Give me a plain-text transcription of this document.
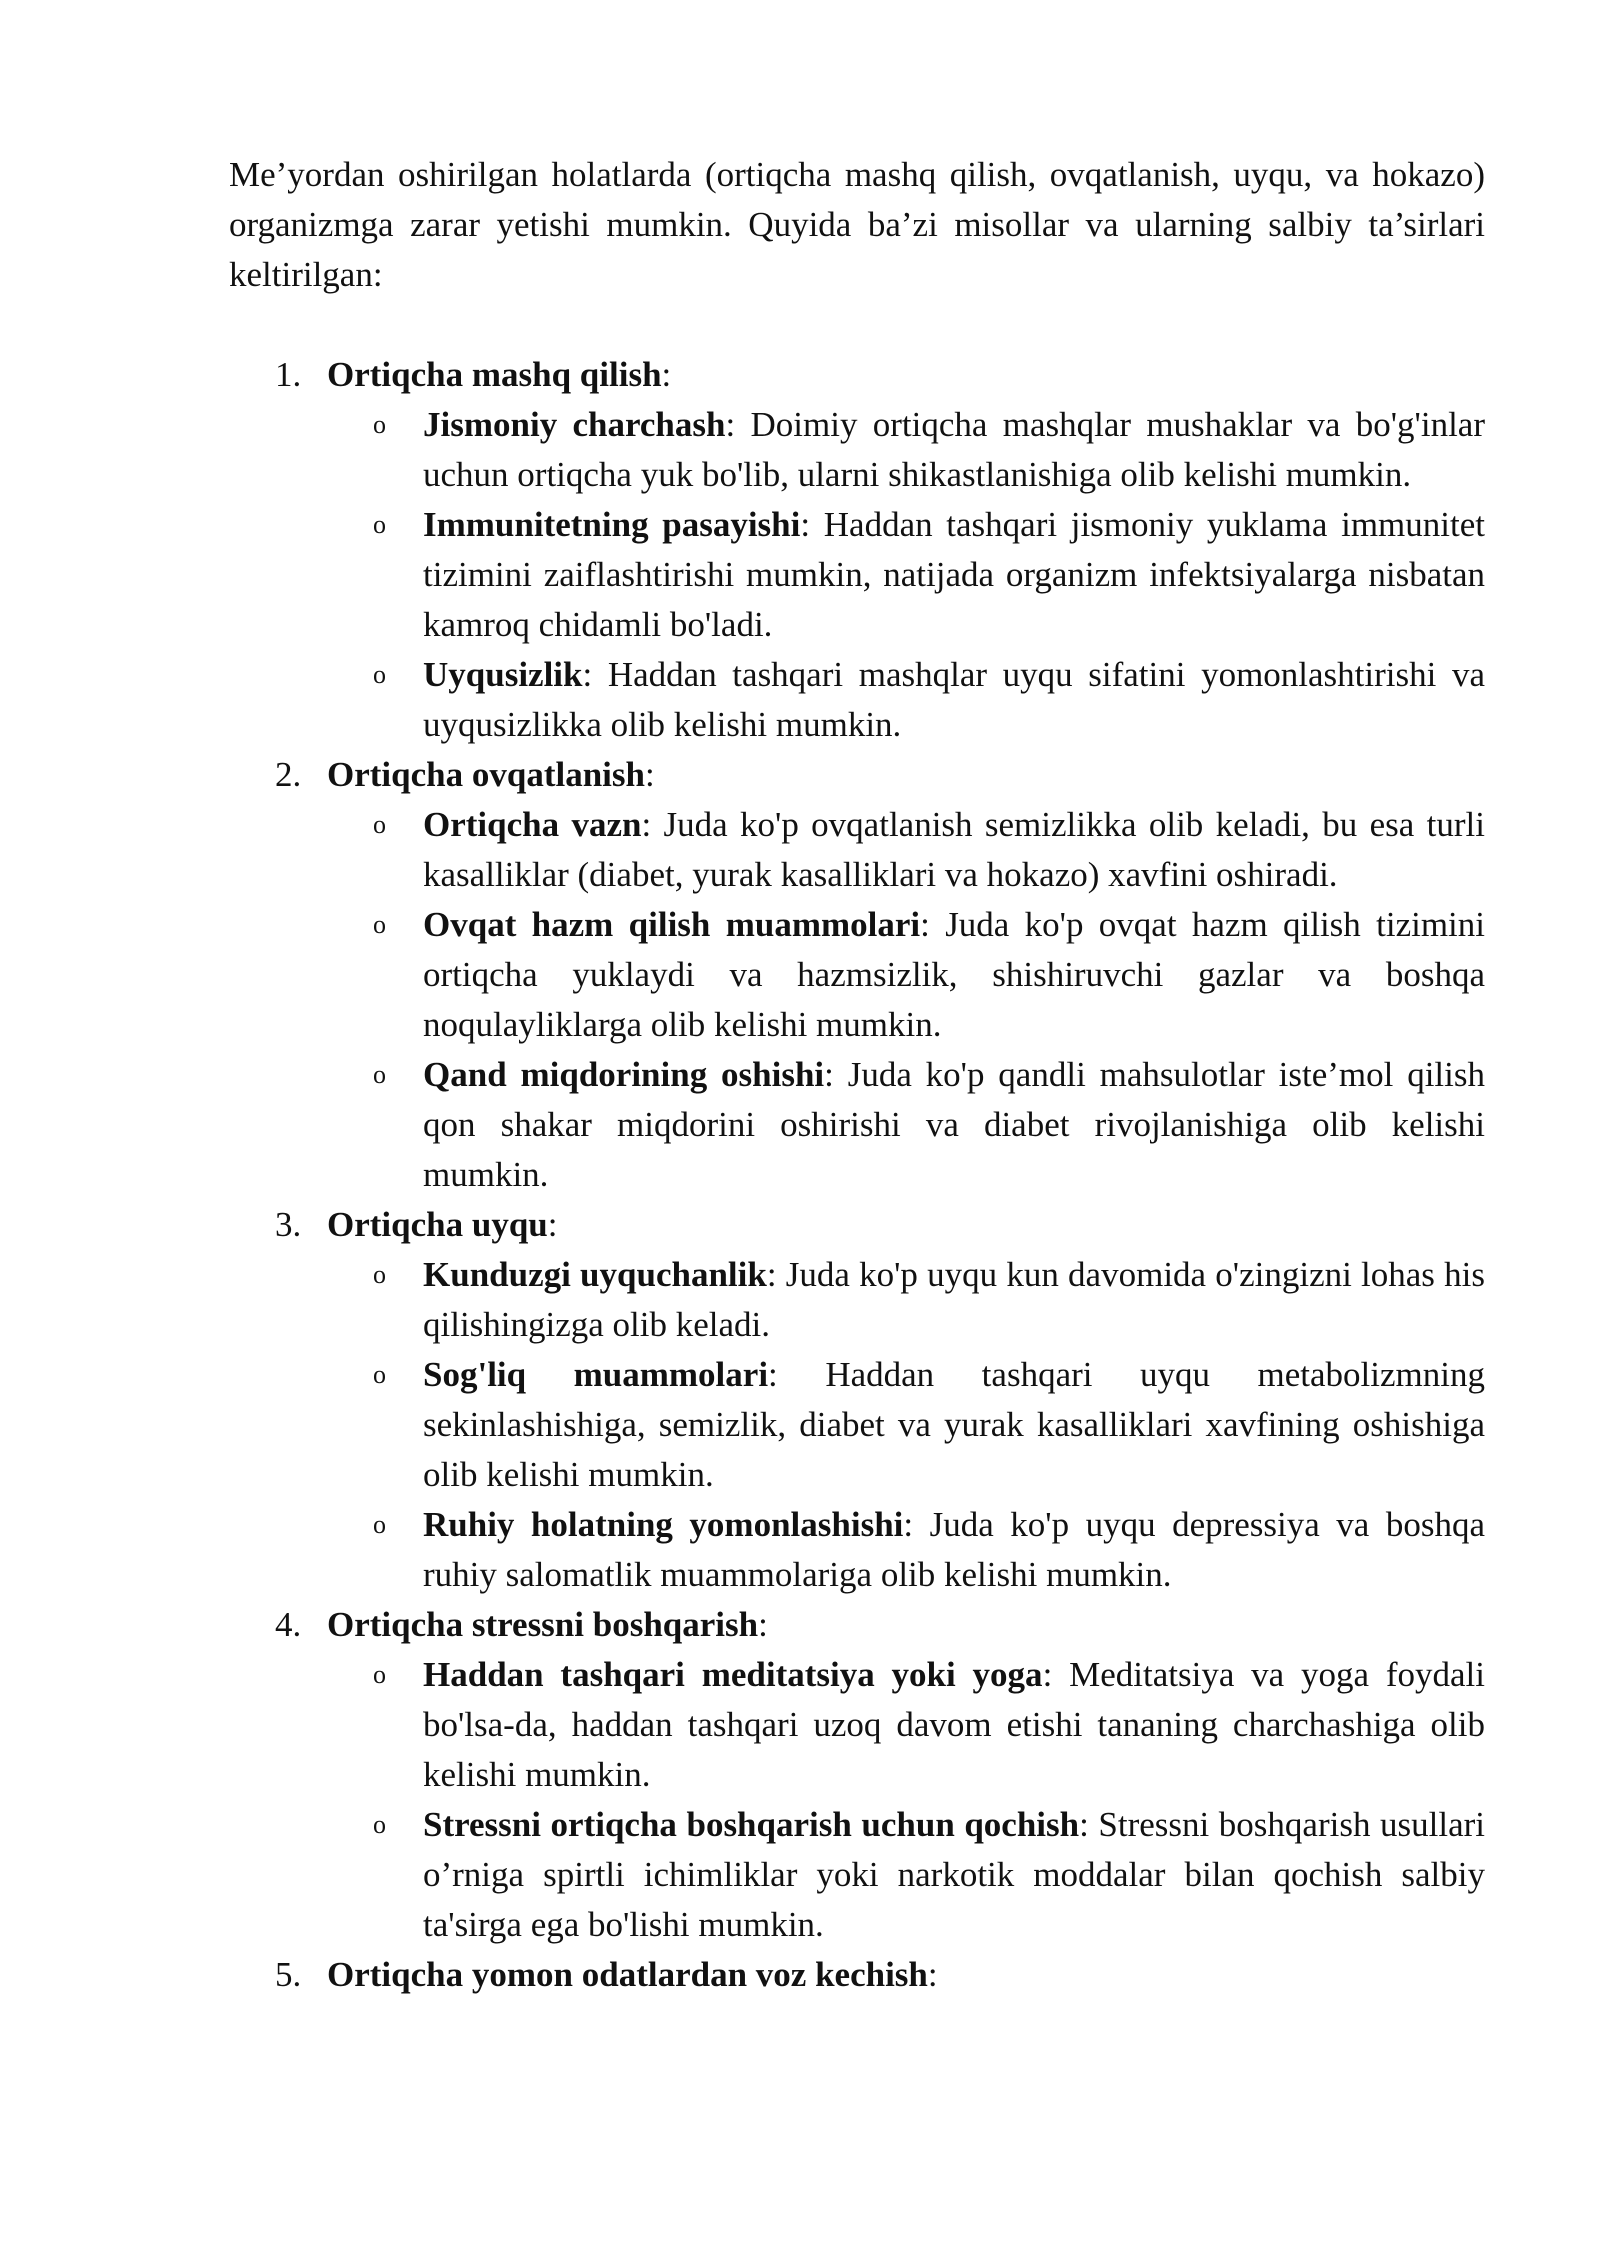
Me’yordan oshirilgan holatlarda (ortiqcha mashq qilish, ovqatlanish, uyqu, va hokazo) organizmga zarar yetishi mumkin. Quyida ba’zi misollar va ularning salbiy ta’sirlari keltirilgan:

1. Ortiqcha mashq qilish:
o Jismoniy charchash: Doimiy ortiqcha mashqlar mushaklar va bo'g'inlar uchun ortiqcha yuk bo'lib, ularni shikastlanishiga olib kelishi mumkin.
o Immunitetning pasayishi: Haddan tashqari jismoniy yuklama immunitet tizimini zaiflashtirishi mumkin, natijada organizm infektsiyalarga nisbatan kamroq chidamli bo'ladi.
o Uyqusizlik: Haddan tashqari mashqlar uyqu sifatini yomonlashtirishi va uyqusizlikka olib kelishi mumkin.
2. Ortiqcha ovqatlanish:
o Ortiqcha vazn: Juda ko'p ovqatlanish semizlikka olib keladi, bu esa turli kasalliklar (diabet, yurak kasalliklari va hokazo) xavfini oshiradi.
o Ovqat hazm qilish muammolari: Juda ko'p ovqat hazm qilish tizimini ortiqcha yuklaydi va hazmsizlik, shishiruvchi gazlar va boshqa noqulayliklarga olib kelishi mumkin.
o Qand miqdorining oshishi: Juda ko'p qandli mahsulotlar iste’mol qilish qon shakar miqdorini oshirishi va diabet rivojlanishiga olib kelishi mumkin.
3. Ortiqcha uyqu:
o Kunduzgi uyquchanlik: Juda ko'p uyqu kun davomida o'zingizni lohas his qilishingizga olib keladi.
o Sog'liq muammolari: Haddan tashqari uyqu metabolizmning sekinlashishiga, semizlik, diabet va yurak kasalliklari xavfining oshishiga olib kelishi mumkin.
o Ruhiy holatning yomonlashishi: Juda ko'p uyqu depressiya va boshqa ruhiy salomatlik muammolariga olib kelishi mumkin.
4. Ortiqcha stressni boshqarish:
o Haddan tashqari meditatsiya yoki yoga: Meditatsiya va yoga foydali bo'lsa-da, haddan tashqari uzoq davom etishi tananing charchashiga olib kelishi mumkin.
o Stressni ortiqcha boshqarish uchun qochish: Stressni boshqarish usullari o’rniga spirtli ichimliklar yoki narkotik moddalar bilan qochish salbiy ta'sirga ega bo'lishi mumkin.
5. Ortiqcha yomon odatlardan voz kechish:
